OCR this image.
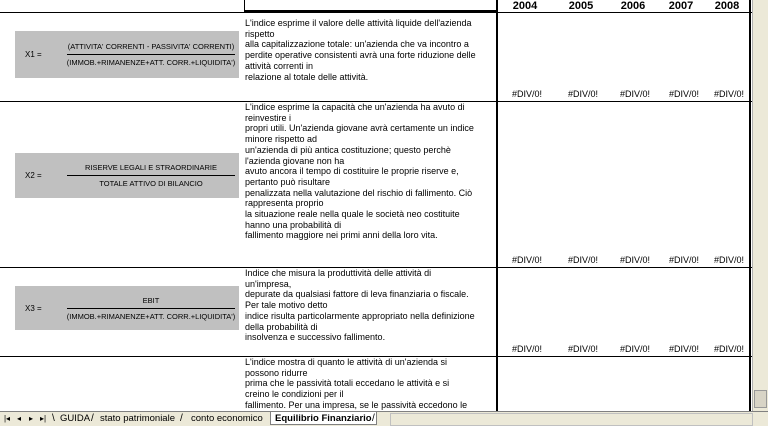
2004	2005	2006	2007	2008
X1 =
(ATTIVITA' CORRENTI - PASSIVITA' CORRENTI)
(IMMOB.+RIMANENZE+ATT. CORR.+LIQUIDITA')
L'indice esprime il valore delle attività liquide dell'azienda
rispetto
alla capitalizzazione totale: un'azienda che va incontro a
perdite operative consistenti avrà una forte riduzione delle
attività correnti in
relazione al totale delle attività.
#DIV/0!	#DIV/0!	#DIV/0!	#DIV/0!	#DIV/0!
X2 =
RISERVE LEGALI E STRAORDINARIE
TOTALE ATTIVO DI BILANCIO
L'indice esprime la capacità che un'azienda ha avuto di
reinvestire i
propri utili. Un'azienda giovane avrà certamente un indice
minore rispetto ad
un'azienda di più antica costituzione; questo perchè
l'azienda giovane non ha
avuto ancora il tempo di costituire le proprie riserve e,
pertanto può risultare
penalizzata nella valutazione del rischio di fallimento. Ciò
rappresenta proprio
la situazione reale nella quale le società neo costituite
hanno una probabilità di
fallimento maggiore nei primi anni della loro vita.
#DIV/0!	#DIV/0!	#DIV/0!	#DIV/0!	#DIV/0!
X3 =
EBIT
(IMMOB.+RIMANENZE+ATT. CORR.+LIQUIDITA')
Indice che misura la produttività delle attività di
un'impresa,
depurate da qualsiasi fattore di leva finanziaria o fiscale.
Per tale motivo detto
indice risulta particolarmente appropriato nella definizione
della probabilità di
insolvenza e successivo fallimento.
#DIV/0!	#DIV/0!	#DIV/0!	#DIV/0!	#DIV/0!
L'indice mostra di quanto le attività di un'azienda si
possono ridurre
prima che le passività totali eccedano le attività e si
creino le condizioni per il
fallimento. Per una impresa, se le passività eccedono le
|◂ ◂ ▸ ▸| \ GUIDA / stato patrimoniale / conto economico	Equilibrio Finanziario /
